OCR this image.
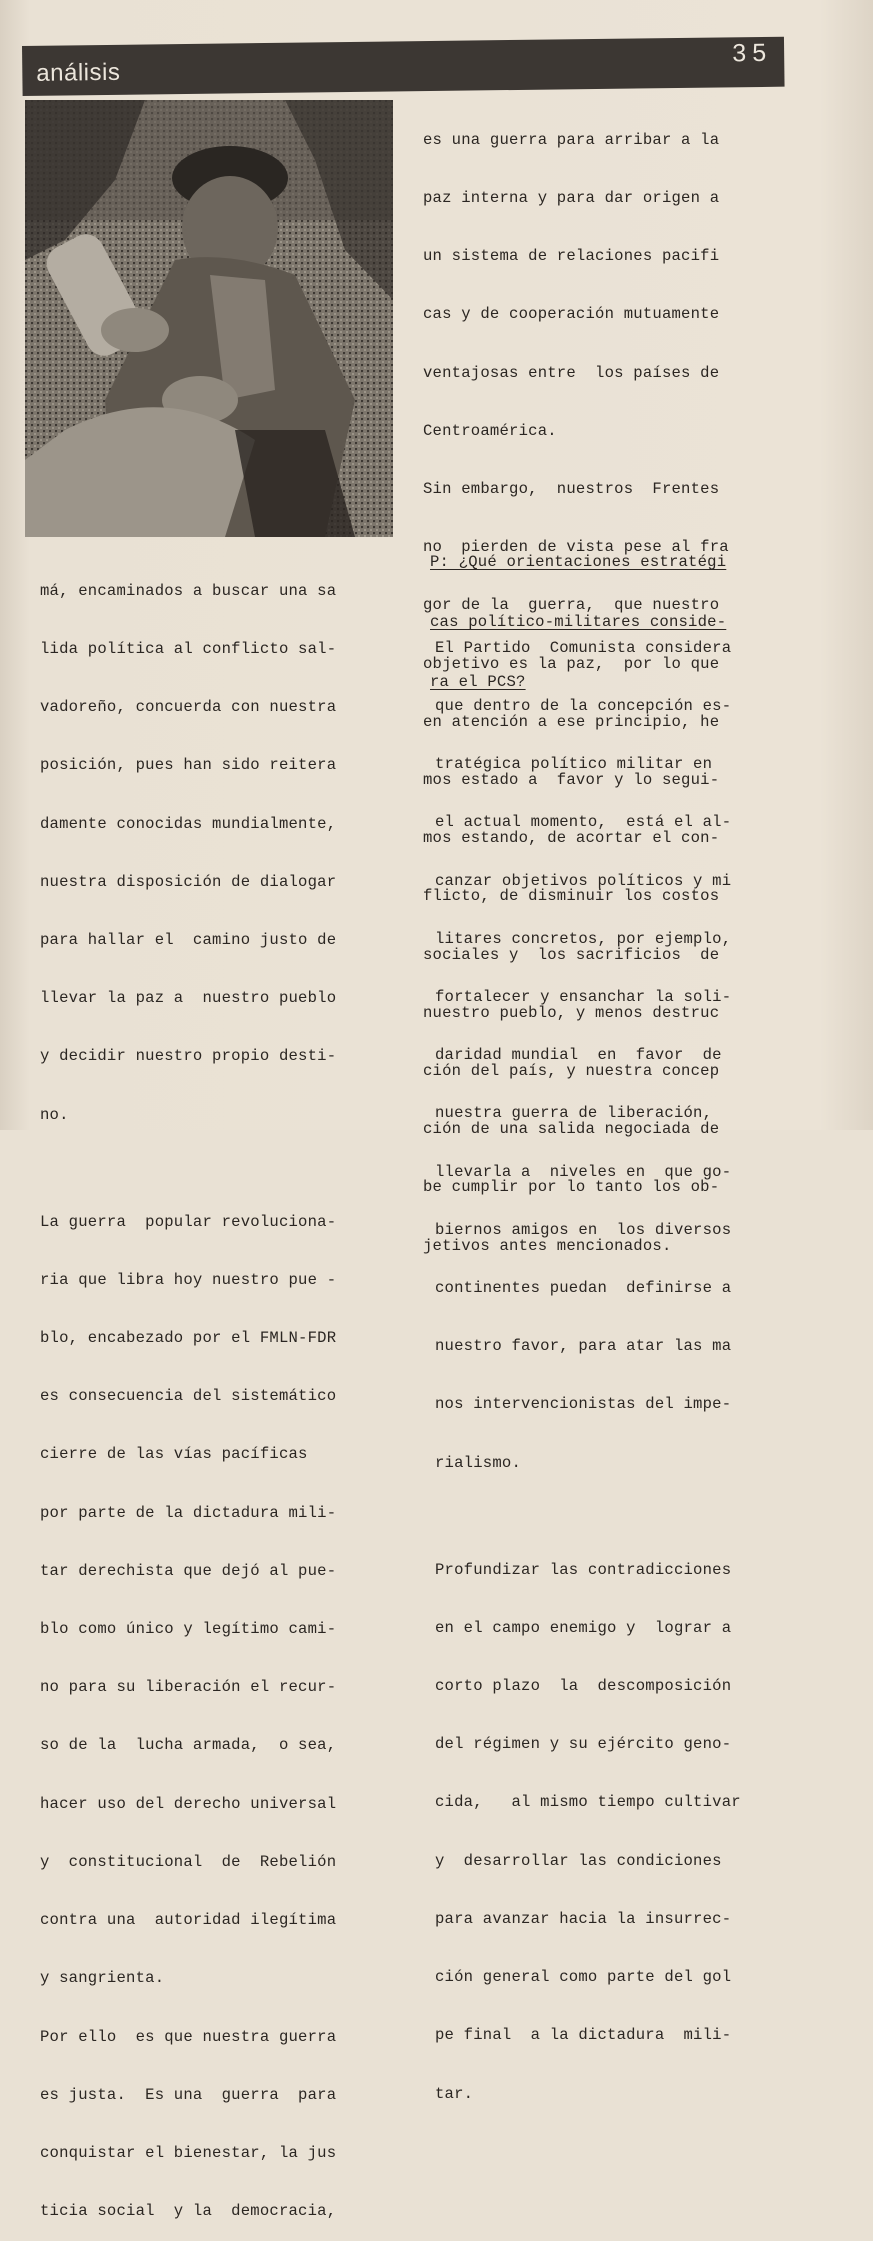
análisis
35

má, encaminados a buscar una sa

lida política al conflicto sal-

vadoreño, concuerda con nuestra

posición, pues han sido reitera

damente conocidas mundialmente,

nuestra disposición de dialogar

para hallar el  camino justo de

llevar la paz a  nuestro pueblo

y decidir nuestro propio desti-

no.

La guerra  popular revoluciona-

ria que libra hoy nuestro pue -

blo, encabezado por el FMLN-FDR

es consecuencia del sistemático

cierre de las vías pacíficas

por parte de la dictadura mili-

tar derechista que dejó al pue-

blo como único y legítimo cami-

no para su liberación el recur-

so de la  lucha armada,  o sea,

hacer uso del derecho universal

y  constitucional  de  Rebelión

contra una  autoridad ilegítima

y sangrienta.

Por ello  es que nuestra guerra

es justa.  Es una  guerra  para

conquistar el bienestar, la jus

ticia social  y la  democracia,

es una guerra para arribar a la

paz interna y para dar origen a

un sistema de relaciones pacifi

cas y de cooperación mutuamente

ventajosas entre  los países de

Centroamérica.

Sin embargo,  nuestros  Frentes

no  pierden de vista pese al fra

gor de la  guerra,  que nuestro

objetivo es la paz,  por lo que

en atención a ese principio, he

mos estado a  favor y lo segui-

mos estando, de acortar el con-

flicto, de disminuir los costos

sociales y  los sacrificios  de

nuestro pueblo, y menos destruc

ción del país, y nuestra concep

ción de una salida negociada de

be cumplir por lo tanto los ob-

jetivos antes mencionados.

P: ¿Qué orientaciones estratégi

cas político-militares conside-

ra el PCS?

El Partido  Comunista considera

que dentro de la concepción es-

tratégica político militar en

el actual momento,  está el al-

canzar objetivos políticos y mi

litares concretos, por ejemplo,

fortalecer y ensanchar la soli-

daridad mundial  en  favor  de

nuestra guerra de liberación,

llevarla a  niveles en  que go-

biernos amigos en  los diversos

continentes puedan  definirse a

nuestro favor, para atar las ma

nos intervencionistas del impe-

rialismo.

Profundizar las contradicciones

en el campo enemigo y  lograr a

corto plazo  la  descomposición

del régimen y su ejército geno-

cida,   al mismo tiempo cultivar

y  desarrollar las condiciones

para avanzar hacia la insurrec-

ción general como parte del gol

pe final  a la dictadura  mili-

tar.
